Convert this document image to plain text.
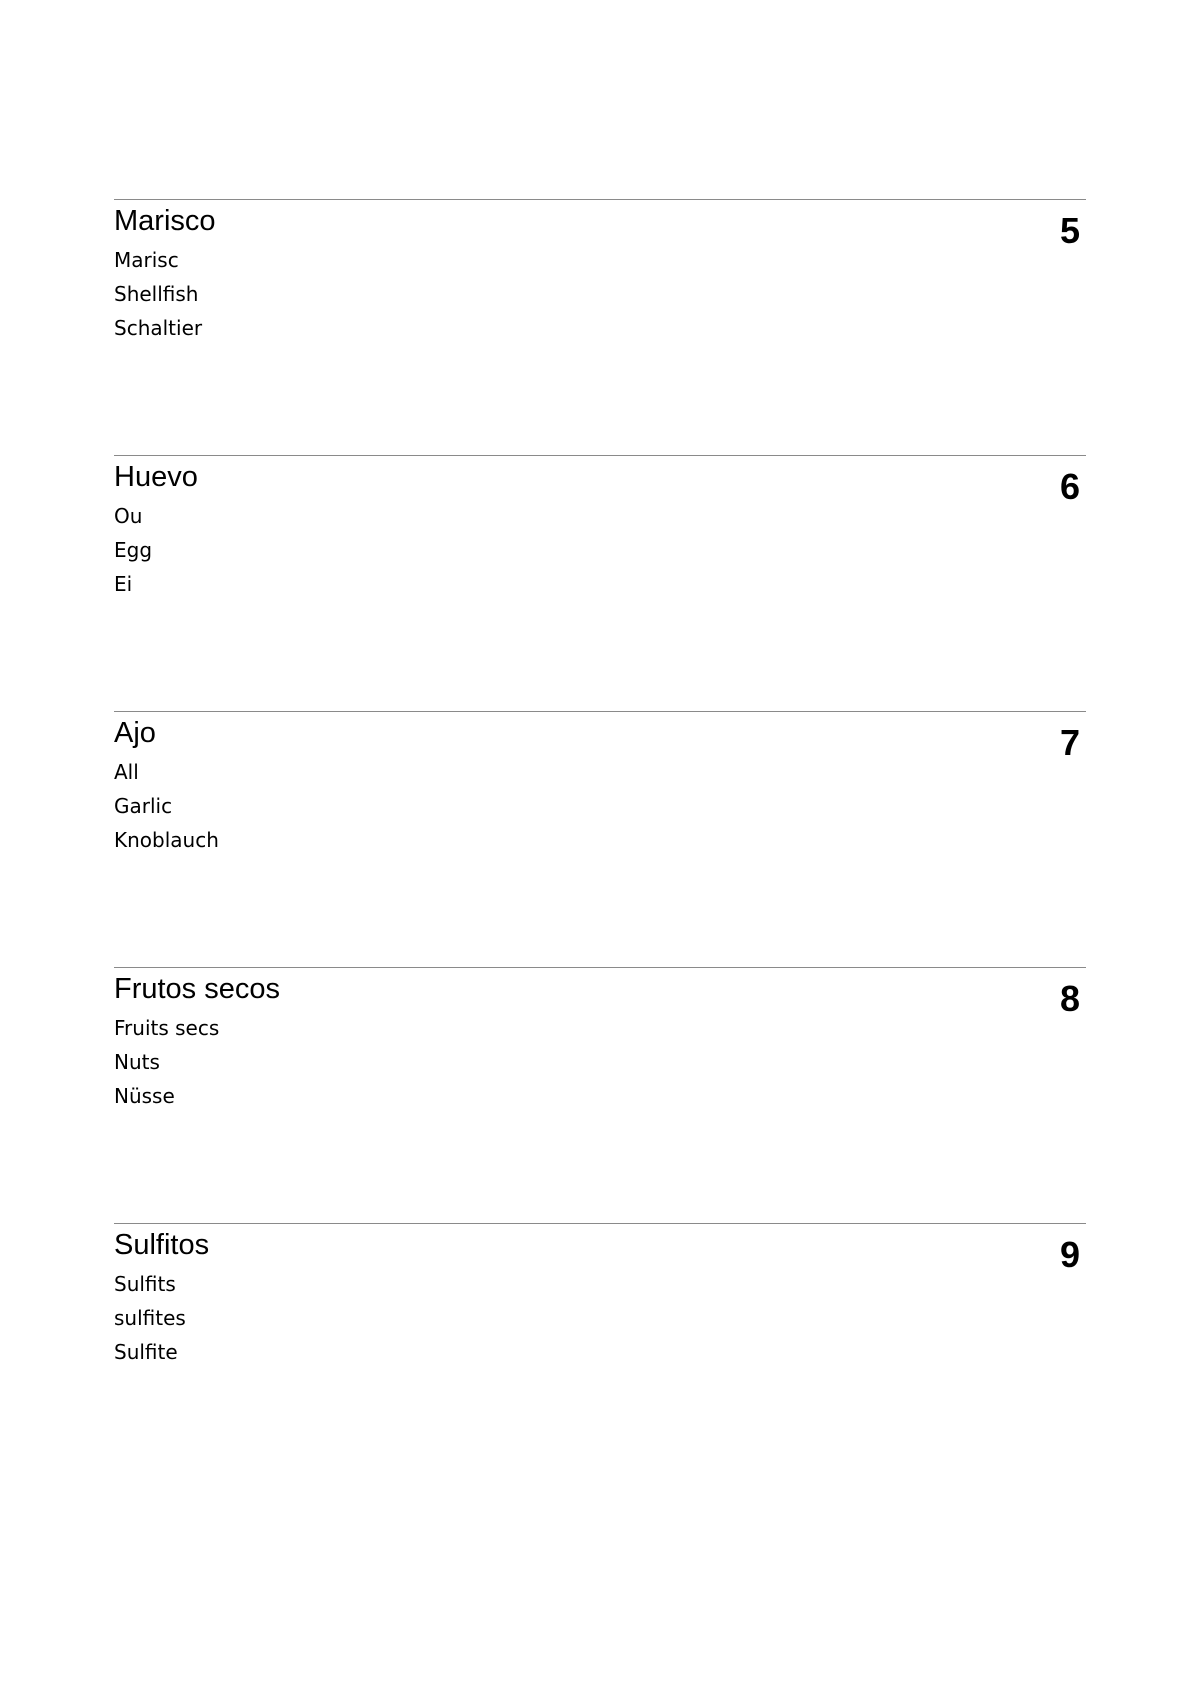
Marisco	5
Marisc
Shellfish
Schaltier
Huevo	6
Ou
Egg
Ei
Ajo	7
All
Garlic
Knoblauch
Frutos secos	8
Fruits secs
Nuts
Nüsse
Sulfitos	9
Sulfits
sulfites
Sulfite
